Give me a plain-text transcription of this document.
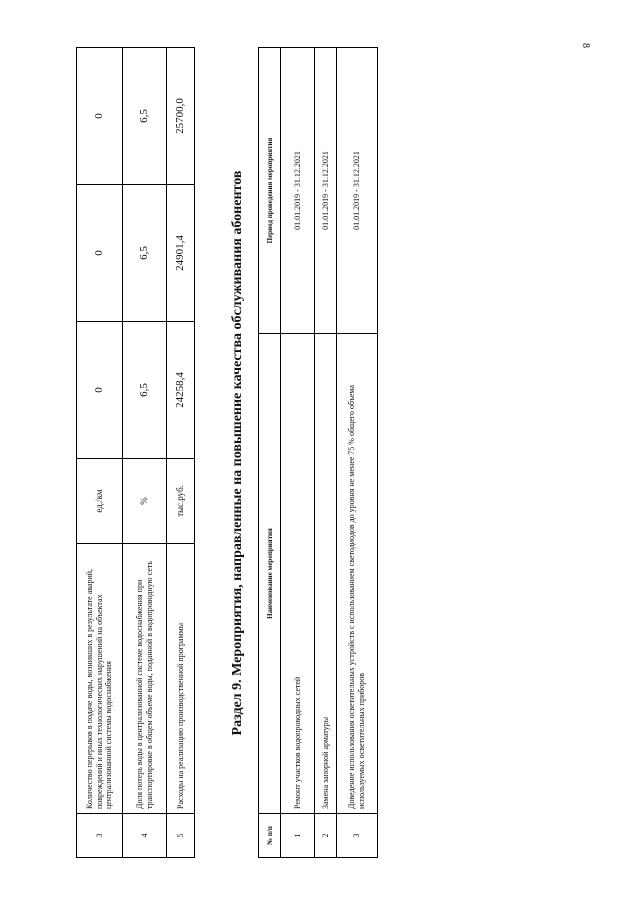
8
3	Количество перерывов в подаче воды, возникших в результате аварий, повреждений и иных технологических нарушений на объектах централизованной системы водоснабжения	ед./км	0	0	0
4	Доля потерь воды в централизованной системе водоснабжения при транспортировке в общем объеме воды, поданной в водопроводную сеть	%	6,5	6,5	6,5
5	Расходы на реализацию производственной программы	тыс.руб.	24258,4	24901,4	25700,0
Раздел 9. Мероприятия, направленные на повышение качества обслуживания абонентов
№ п/п	Наименование мероприятия	Период проведения мероприятия
1	Ремонт участков водопроводных сетей	01.01.2019 - 31.12.2021
2	Замена запорной арматуры	01.01.2019 - 31.12.2021
3	Доведение использования осветительных устройств с использованием светодиодов до уровня не менее 75 % общего объема используемых осветительных приборов	01.01.2019 - 31.12.2021
